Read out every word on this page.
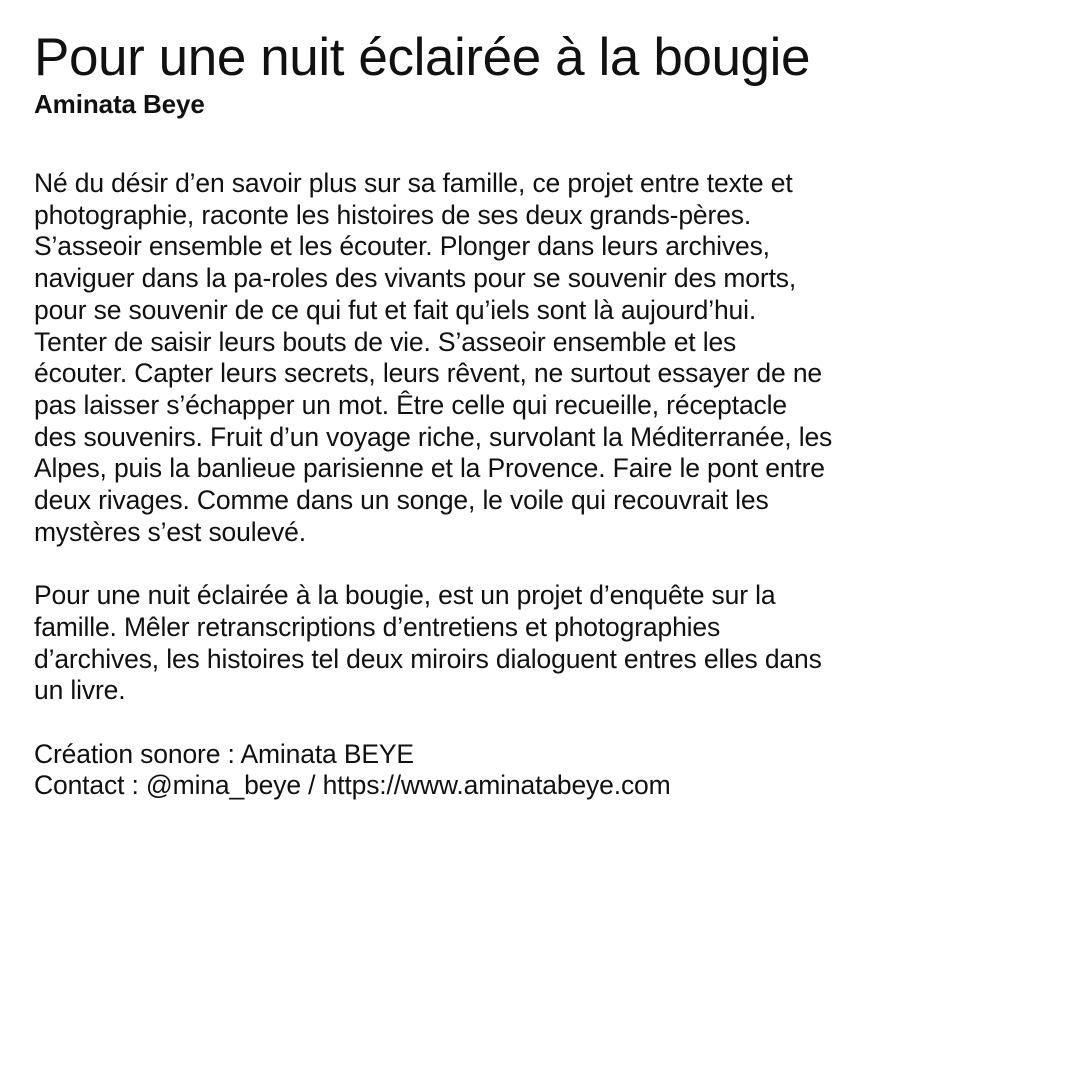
Pour une nuit éclairée à la bougie

Aminata Beye

Né du désir d’en savoir plus sur sa famille, ce projet entre texte et
photographie, raconte les histoires de ses deux grands-pères.
S’asseoir ensemble et les écouter. Plonger dans leurs archives,
naviguer dans la pa-roles des vivants pour se souvenir des morts,
pour se souvenir de ce qui fut et fait qu’iels sont là aujourd’hui.
Tenter de saisir leurs bouts de vie. S’asseoir ensemble et les
écouter. Capter leurs secrets, leurs rêvent, ne surtout essayer de ne
pas laisser s’échapper un mot. Être celle qui recueille, réceptacle
des souvenirs. Fruit d’un voyage riche, survolant la Méditerranée, les
Alpes, puis la banlieue parisienne et la Provence. Faire le pont entre
deux rivages. Comme dans un songe, le voile qui recouvrait les
mystères s’est soulevé.
Pour une nuit éclairée à la bougie, est un projet d’enquête sur la
famille. Mêler retranscriptions d’entretiens et photographies
d’archives, les histoires tel deux miroirs dialoguent entres elles dans
un livre.
Création sonore : Aminata BEYE
Contact : @mina_beye / https://www.aminatabeye.com
